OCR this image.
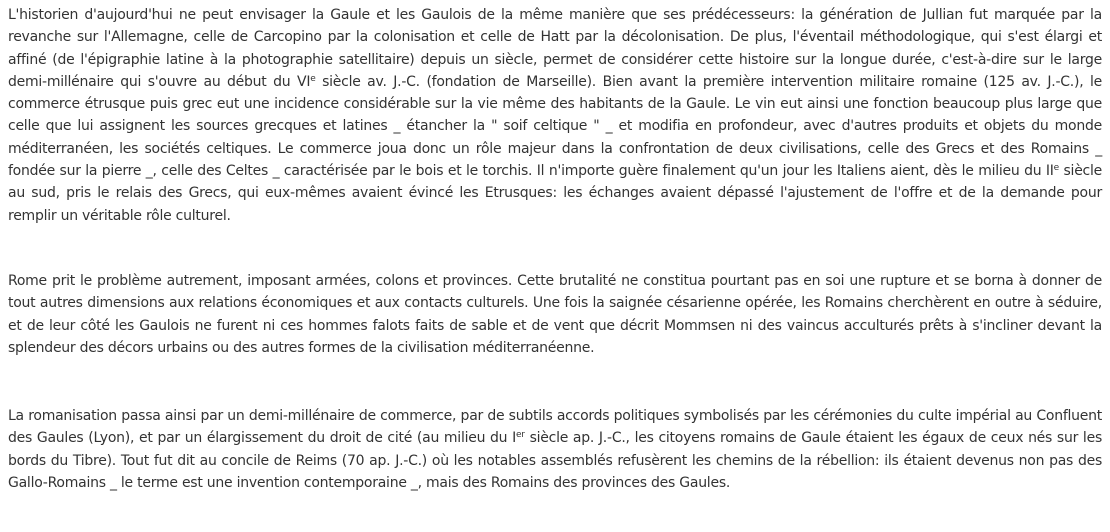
L'historien d'aujourd'hui ne peut envisager la Gaule et les Gaulois de la même manière que ses prédécesseurs: la génération de Jullian fut marquée par la revanche sur l'Allemagne, celle de Carcopino par la colonisation et celle de Hatt par la décolonisation. De plus, l'éventail méthodologique, qui s'est élargi et affiné (de l'épigraphie latine à la photographie satellitaire) depuis un siècle, permet de considérer cette histoire sur la longue durée, c'est-à-dire sur le large demi-millénaire qui s'ouvre au début du VIe siècle av. J.-C. (fondation de Marseille). Bien avant la première intervention militaire romaine (125 av. J.-C.), le commerce étrusque puis grec eut une incidence considérable sur la vie même des habitants de la Gaule. Le vin eut ainsi une fonction beaucoup plus large que celle que lui assignent les sources grecques et latines _ étancher la " soif celtique " _ et modifia en profondeur, avec d'autres produits et objets du monde méditerranéen, les sociétés celtiques. Le commerce joua donc un rôle majeur dans la confrontation de deux civilisations, celle des Grecs et des Romains _ fondée sur la pierre _, celle des Celtes _ caractérisée par le bois et le torchis. Il n'importe guère finalement qu'un jour les Italiens aient, dès le milieu du IIe siècle au sud, pris le relais des Grecs, qui eux-mêmes avaient évincé les Etrusques: les échanges avaient dépassé l'ajustement de l'offre et de la demande pour remplir un véritable rôle culturel.

Rome prit le problème autrement, imposant armées, colons et provinces. Cette brutalité ne constitua pourtant pas en soi une rupture et se borna à donner de tout autres dimensions aux relations économiques et aux contacts culturels. Une fois la saignée césarienne opérée, les Romains cherchèrent en outre à séduire, et de leur côté les Gaulois ne furent ni ces hommes falots faits de sable et de vent que décrit Mommsen ni des vaincus acculturés prêts à s'incliner devant la splendeur des décors urbains ou des autres formes de la civilisation méditerranéenne.

La romanisation passa ainsi par un demi-millénaire de commerce, par de subtils accords politiques symbolisés par les cérémonies du culte impérial au Confluent des Gaules (Lyon), et par un élargissement du droit de cité (au milieu du Ier siècle ap. J.-C., les citoyens romains de Gaule étaient les égaux de ceux nés sur les bords du Tibre). Tout fut dit au concile de Reims (70 ap. J.-C.) où les notables assemblés refusèrent les chemins de la rébellion: ils étaient devenus non pas des Gallo-Romains _ le terme est une invention contemporaine _, mais des Romains des provinces des Gaules.
